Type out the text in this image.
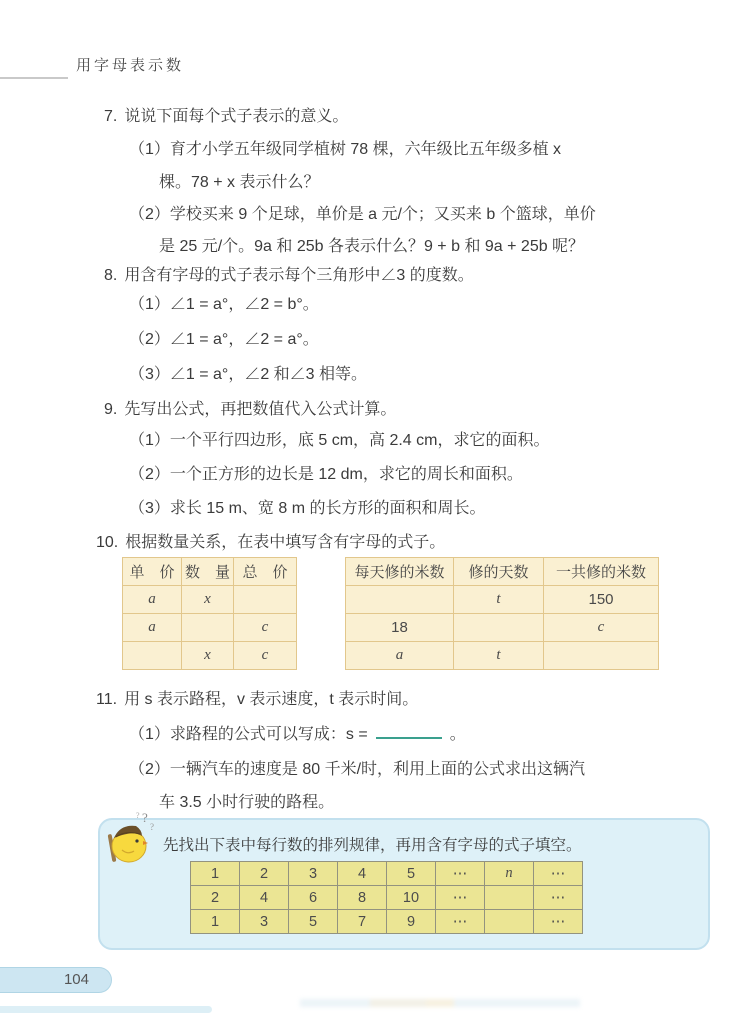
用字母表示数
7. 说说下面每个式子表示的意义。
（1）育才小学五年级同学植树 78 棵，六年级比五年级多植 x
棵。78 + x 表示什么？
（2）学校买来 9 个足球，单价是 a 元/个；又买来 b 个篮球，单价
是 25 元/个。9a 和 25b 各表示什么？9 + b 和 9a + 25b 呢？
8. 用含有字母的式子表示每个三角形中∠3 的度数。
（1）∠1 = a°，∠2 = b°。
（2）∠1 = a°，∠2 = a°。
（3）∠1 = a°，∠2 和∠3 相等。
9. 先写出公式，再把数值代入公式计算。
（1）一个平行四边形，底 5 cm，高 2.4 cm，求它的面积。
（2）一个正方形的边长是 12 dm，求它的周长和面积。
（3）求长 15 m、宽 8 m 的长方形的面积和周长。
10. 根据数量关系，在表中填写含有字母的式子。
单　价	数　量	总　价
a	x	
a		c
	x	c
每天修的米数	修的天数	一共修的米数
	t	150
18		c
a	t	
11. 用 s 表示路程，v 表示速度，t 表示时间。
（1）求路程的公式可以写成：s =	。
（2）一辆汽车的速度是 80 千米/时，利用上面的公式求出这辆汽
车 3.5 小时行驶的路程。
?
?
?
先找出下表中每行数的排列规律，再用含有字母的式子填空。
1	2	3	4	5	⋯	n	⋯
2	4	6	8	10	⋯		⋯
1	3	5	7	9	⋯		⋯
104
